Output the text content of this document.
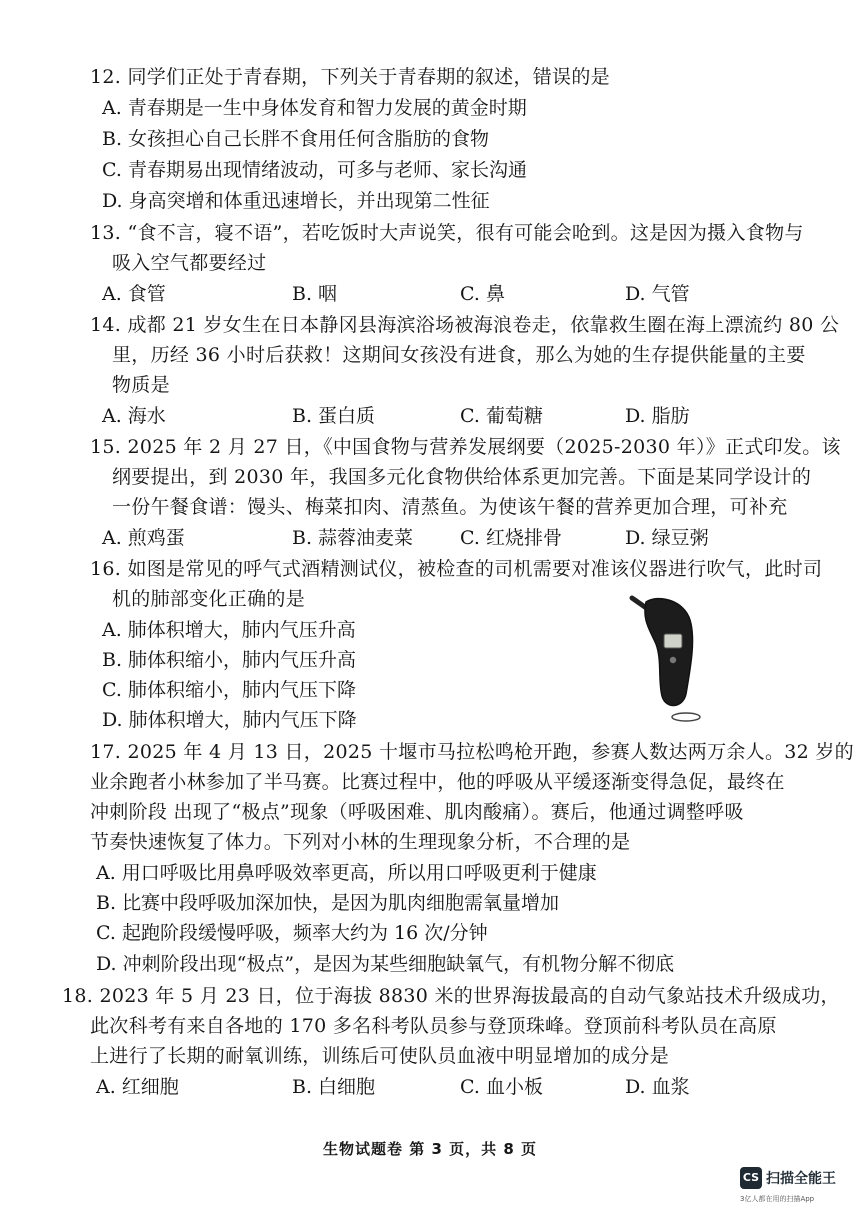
12. 同学们正处于青春期，下列关于青春期的叙述，错误的是
A. 青春期是一生中身体发育和智力发展的黄金时期
B. 女孩担心自己长胖不食用任何含脂肪的食物
C. 青春期易出现情绪波动，可多与老师、家长沟通
D. 身高突增和体重迅速增长，并出现第二性征
13. “食不言，寝不语”，若吃饭时大声说笑，很有可能会呛到。这是因为摄入食物与
吸入空气都要经过
A. 食管	B. 咽	C. 鼻	D. 气管
14. 成都 21 岁女生在日本静冈县海滨浴场被海浪卷走，依靠救生圈在海上漂流约 80 公
里，历经 36 小时后获救！这期间女孩没有进食，那么为她的生存提供能量的主要
物质是
A. 海水	B. 蛋白质	C. 葡萄糖	D. 脂肪
15. 2025 年 2 月 27 日，《中国食物与营养发展纲要（2025-2030 年）》正式印发。该
纲要提出，到 2030 年，我国多元化食物供给体系更加完善。下面是某同学设计的
一份午餐食谱：馒头、梅菜扣肉、清蒸鱼。为使该午餐的营养更加合理，可补充
A. 煎鸡蛋	B. 蒜蓉油麦菜 C. 红烧排骨	D. 绿豆粥
16. 如图是常见的呼气式酒精测试仪，被检查的司机需要对准该仪器进行吹气，此时司
机的肺部变化正确的是
A. 肺体积增大，肺内气压升高
B. 肺体积缩小，肺内气压升高
C. 肺体积缩小，肺内气压下降
D. 肺体积增大，肺内气压下降
17. 2025 年 4 月 13 日，2025 十堰市马拉松鸣枪开跑，参赛人数达两万余人。32 岁的
业余跑者小林参加了半马赛。比赛过程中，他的呼吸从平缓逐渐变得急促，最终在
冲刺阶段 出现了“极点”现象（呼吸困难、肌肉酸痛）。赛后，他通过调整呼吸
节奏快速恢复了体力。下列对小林的生理现象分析，不合理的是
A. 用口呼吸比用鼻呼吸效率更高，所以用口呼吸更利于健康
B. 比赛中段呼吸加深加快，是因为肌肉细胞需氧量增加
C. 起跑阶段缓慢呼吸，频率大约为 16 次/分钟
D. 冲刺阶段出现“极点”，是因为某些细胞缺氧气，有机物分解不彻底
18. 2023 年 5 月 23 日，位于海拔 8830 米的世界海拔最高的自动气象站技术升级成功，
此次科考有来自各地的 170 多名科考队员参与登顶珠峰。登顶前科考队员在高原
上进行了长期的耐氧训练，训练后可使队员血液中明显增加的成分是
A. 红细胞	B. 白细胞	C. 血小板	D. 血浆
生物试题卷 第 3 页，共 8 页
CS 扫描全能王
3亿人都在用的扫描App
